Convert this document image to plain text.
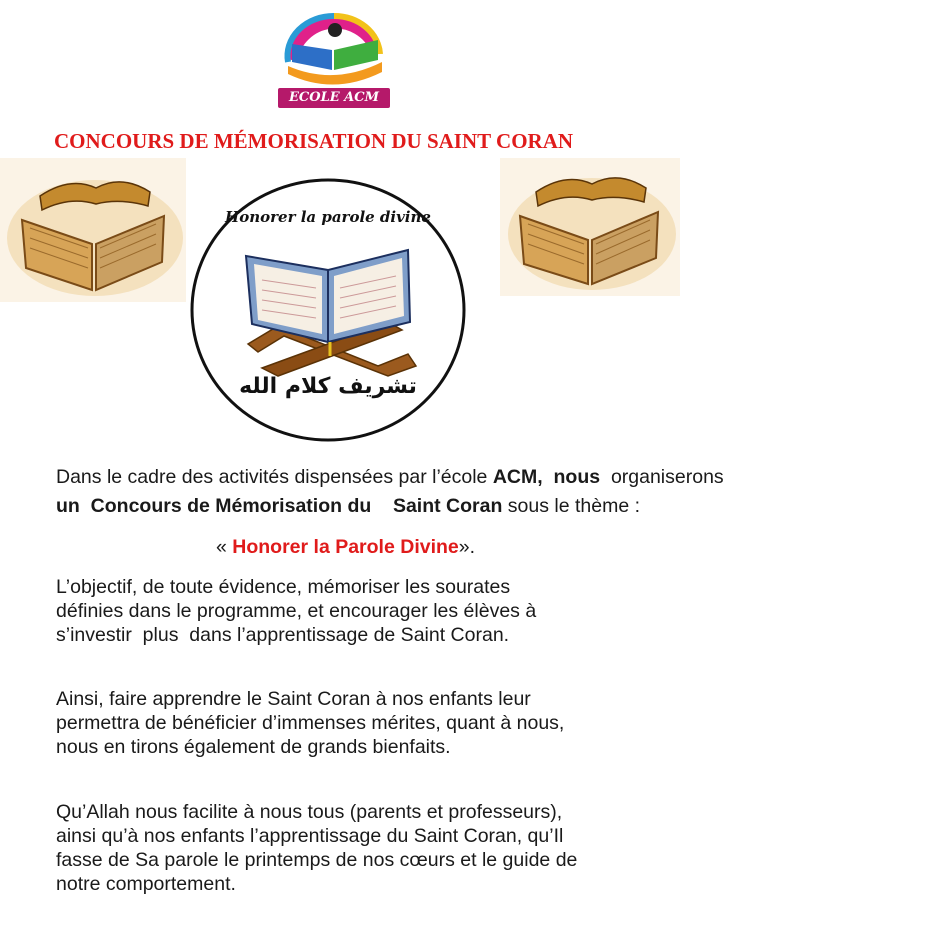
ECOLE ACM
CONCOURS DE MÉMORISATION DU SAINT CORAN
Honorer la parole divine
تشريف كلام الله
Dans le cadre des activités dispensées par l’école ACM, nous organiserons
un  Concours de Mémorisation du Saint Coran sous le thème :
« Honorer la Parole Divine».
L’objectif, de toute évidence, mémoriser les sourates
définies dans le programme, et encourager les élèves à
s’investir  plus  dans l’apprentissage de Saint Coran.
Ainsi, faire apprendre le Saint Coran à nos enfants leur
permettra de bénéficier d’immenses mérites, quant à nous,
nous en tirons également de grands bienfaits.
Qu’Allah nous facilite à nous tous (parents et professeurs),
ainsi qu’à nos enfants l’apprentissage du Saint Coran, qu’Il
fasse de Sa parole le printemps de nos cœurs et le guide de
notre comportement.
